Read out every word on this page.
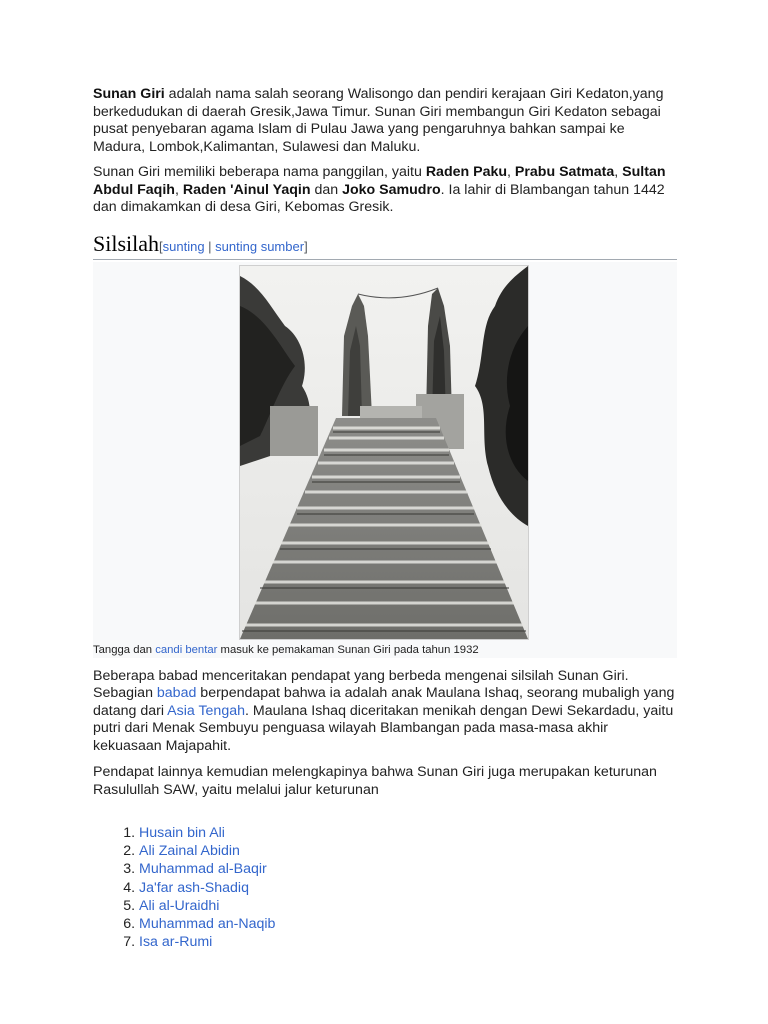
Sunan Giri adalah nama salah seorang Walisongo dan pendiri kerajaan Giri Kedaton,yang berkedudukan di daerah Gresik,Jawa Timur. Sunan Giri membangun Giri Kedaton sebagai pusat penyebaran agama Islam di Pulau Jawa yang pengaruhnya bahkan sampai ke Madura, Lombok,Kalimantan, Sulawesi dan Maluku.

Sunan Giri memiliki beberapa nama panggilan, yaitu Raden Paku, Prabu Satmata, Sultan Abdul Faqih, Raden 'Ainul Yaqin dan Joko Samudro. Ia lahir di Blambangan tahun 1442 dan dimakamkan di desa Giri, Kebomas Gresik.

Silsilah [sunting | sunting sumber]
Tangga dan candi bentar masuk ke pemakaman Sunan Giri pada tahun 1932

Beberapa babad menceritakan pendapat yang berbeda mengenai silsilah Sunan Giri. Sebagian babad berpendapat bahwa ia adalah anak Maulana Ishaq, seorang mubaligh yang datang dari Asia Tengah. Maulana Ishaq diceritakan menikah dengan Dewi Sekardadu, yaitu putri dari Menak Sembuyu penguasa wilayah Blambangan pada masa-masa akhir kekuasaan Majapahit.

Pendapat lainnya kemudian melengkapinya bahwa Sunan Giri juga merupakan keturunan Rasulullah SAW, yaitu melalui jalur keturunan

1. Husain bin Ali
2. Ali Zainal Abidin
3. Muhammad al-Baqir
4. Ja'far ash-Shadiq
5. Ali al-Uraidhi
6. Muhammad an-Naqib
7. Isa ar-Rumi
